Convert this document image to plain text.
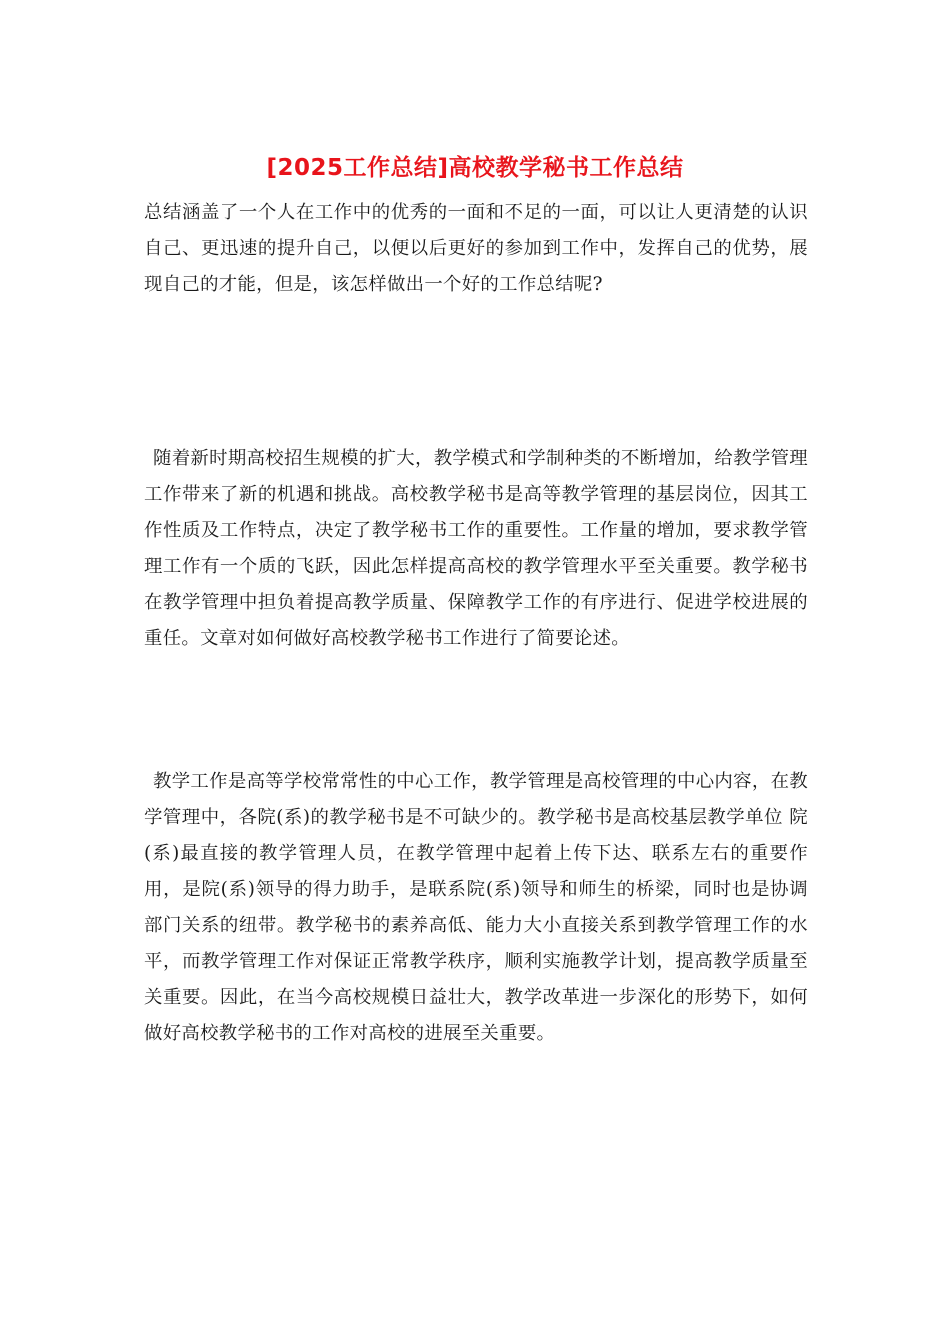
[2025工作总结]高校教学秘书工作总结

总结涵盖了一个人在工作中的优秀的一面和不足的一面，可以让人更清楚的认识自己、更迅速的提升自己，以便以后更好的参加到工作中，发挥自己的优势，展现自己的才能，但是，该怎样做出一个好的工作总结呢?

随着新时期高校招生规模的扩大，教学模式和学制种类的不断增加，给教学管理工作带来了新的机遇和挑战。高校教学秘书是高等教学管理的基层岗位，因其工作性质及工作特点，决定了教学秘书工作的重要性。工作量的增加，要求教学管理工作有一个质的飞跃，因此怎样提高高校的教学管理水平至关重要。教学秘书在教学管理中担负着提高教学质量、保障教学工作的有序进行、促进学校进展的重任。文章对如何做好高校教学秘书工作进行了简要论述。

教学工作是高等学校常常性的中心工作，教学管理是高校管理的中心内容，在教学管理中，各院(系)的教学秘书是不可缺少的。教学秘书是高校基层教学单位 院(系)最直接的教学管理人员，在教学管理中起着上传下达、联系左右的重要作用，是院(系)领导的得力助手，是联系院(系)领导和师生的桥梁，同时也是协调部门关系的纽带。教学秘书的素养高低、能力大小直接关系到教学管理工作的水平，而教学管理工作对保证正常教学秩序，顺利实施教学计划，提高教学质量至关重要。因此，在当今高校规模日益壮大，教学改革进一步深化的形势下，如何做好高校教学秘书的工作对高校的进展至关重要。
